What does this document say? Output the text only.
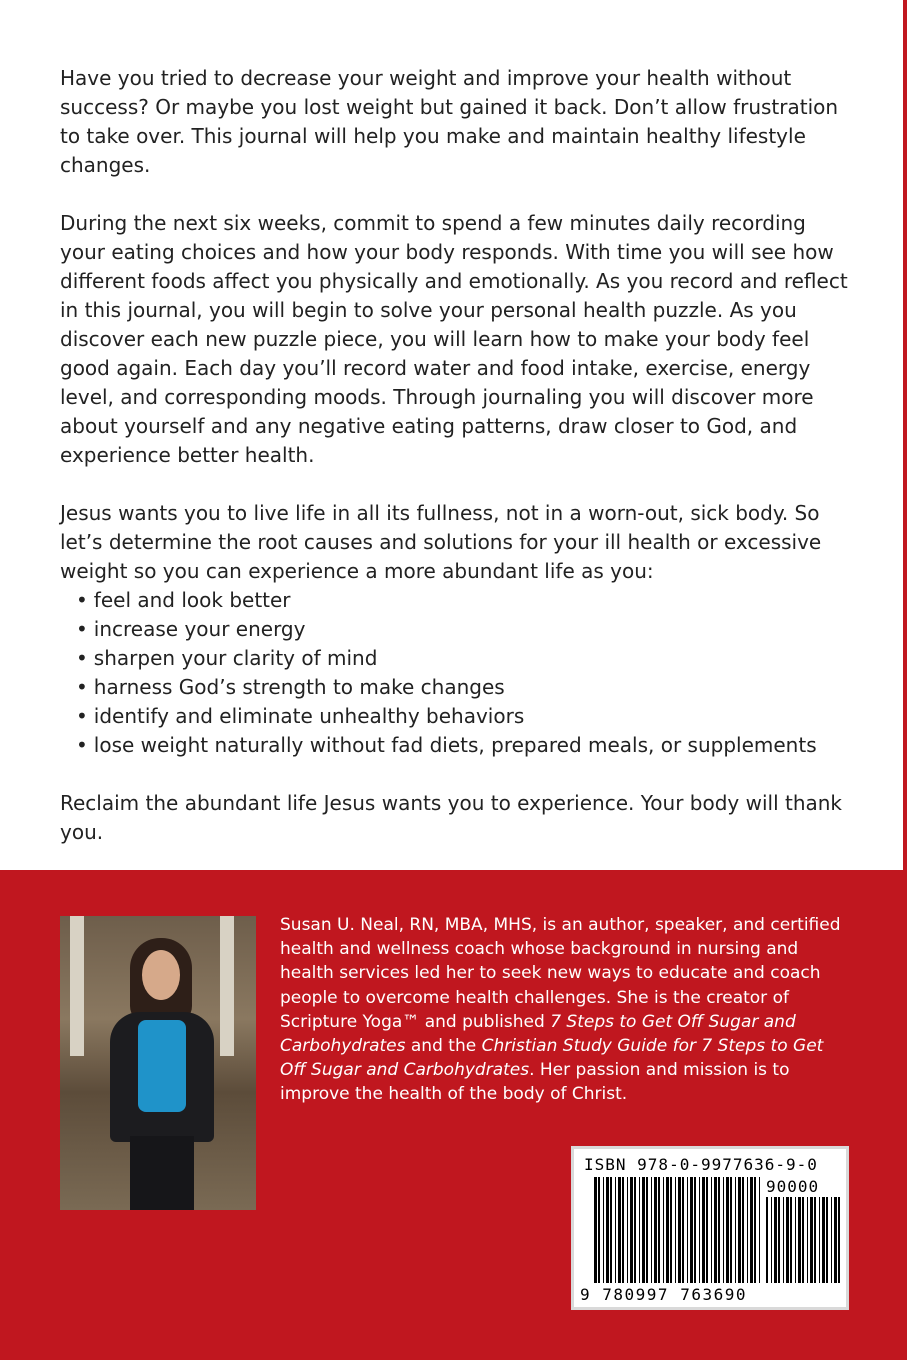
Have you tried to decrease your weight and improve your health without success? Or maybe you lost weight but gained it back. Don’t allow frustration to take over. This journal will help you make and maintain healthy lifestyle changes.

During the next six weeks, commit to spend a few minutes daily recording your eating choices and how your body responds. With time you will see how different foods affect you physically and emotionally. As you record and reflect in this journal, you will begin to solve your personal health puzzle. As you discover each new puzzle piece, you will learn how to make your body feel good again. Each day you’ll record water and food intake, exercise, energy level, and corresponding moods. Through journaling you will discover more about yourself and any negative eating patterns, draw closer to God, and experience better health.

Jesus wants you to live life in all its fullness, not in a worn-out, sick body. So let’s determine the root causes and solutions for your ill health or excessive weight so you can experience a more abundant life as you:

• feel and look better
• increase your energy
• sharpen your clarity of mind
• harness God’s strength to make changes
• identify and eliminate unhealthy behaviors
• lose weight naturally without fad diets, prepared meals, or supplements

Reclaim the abundant life Jesus wants you to experience. Your body will thank you.

Susan U. Neal, RN, MBA, MHS, is an author, speaker, and certified health and wellness coach whose background in nursing and health services led her to seek new ways to educate and coach people to overcome health challenges. She is the creator of Scripture Yoga™ and published 7 Steps to Get Off Sugar and Carbohydrates and the Christian Study Guide for 7 Steps to Get Off Sugar and Carbohydrates. Her passion and mission is to improve the health of the body of Christ.
ISBN 978-0-9977636-9-0
90000
9 780997 763690
